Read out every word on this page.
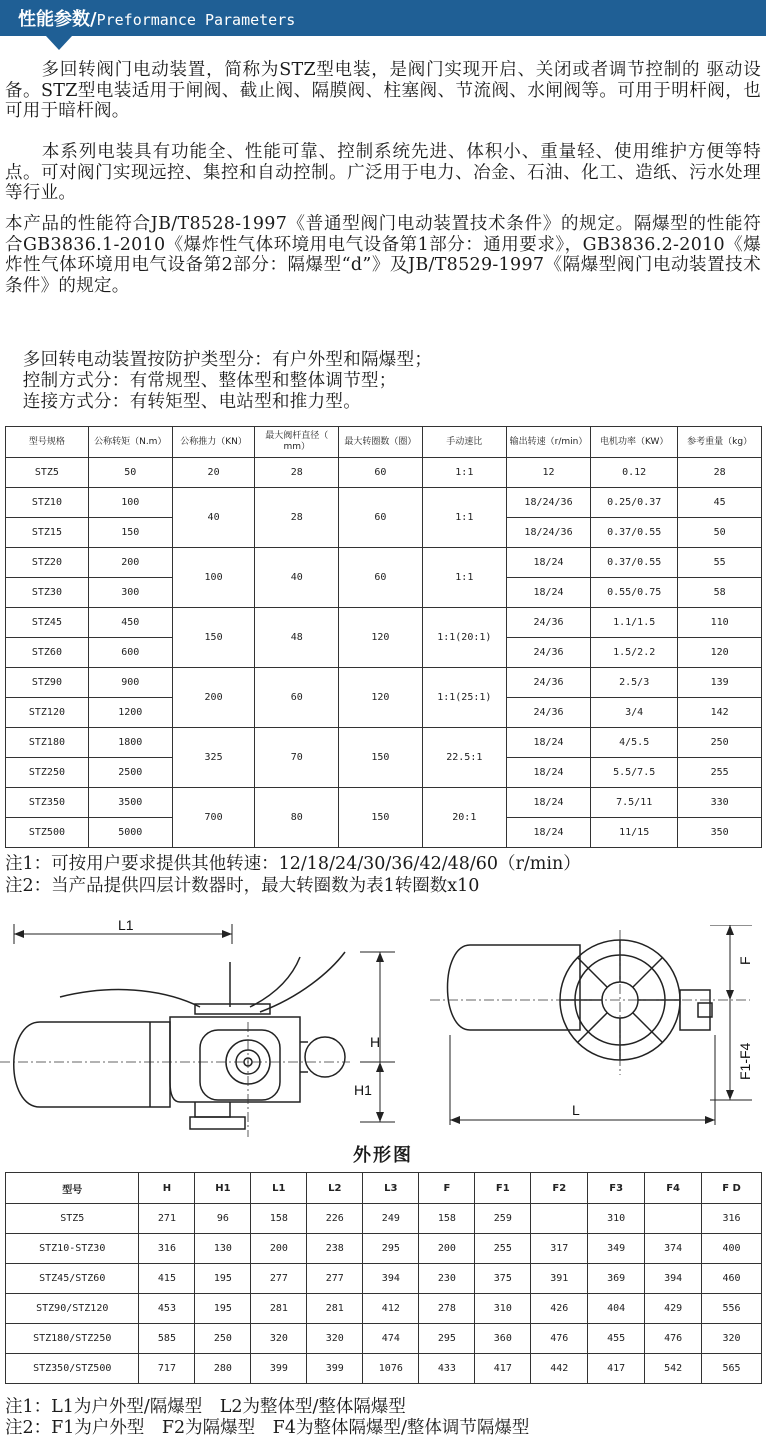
性能参数/Preformance Parameters

　　多回转阀门电动装置，简称为STZ型电装，是阀门实现开启、关闭或者调节控制的 驱动设备。STZ型电装适用于闸阀、截止阀、隔膜阀、柱塞阀、节流阀、水闸阀等。可用于明杆阀，也可用于暗杆阀。

　　本系列电装具有功能全、性能可靠、控制系统先进、体积小、重量轻、使用维护方便等特点。可对阀门实现远控、集控和自动控制。广泛用于电力、冶金、石油、化工、造纸、污水处理等行业。

本产品的性能符合JB/T8528-1997《普通型阀门电动装置技术条件》的规定。隔爆型的性能符合GB3836.1-2010《爆炸性气体环境用电气设备第1部分：通用要求》，GB3836.2-2010《爆炸性气体环境用电气设备第2部分：隔爆型“d”》及JB/T8529-1997《隔爆型阀门电动装置技术条件》的规定。

　多回转电动装置按防护类型分：有户外型和隔爆型；

　控制方式分：有常规型、整体型和整体调节型；

　连接方式分：有转矩型、电站型和推力型。

型号规格	公称转矩（N.m）	公称推力（KN）	最大阀杆直径（ mm）	最大转圈数（圈）	手动速比	输出转速（r/min）	电机功率（KW）	参考重量（kg）
STZ5	50	20	28	60	1:1	12	0.12	28
STZ10	100	40	28	60	1:1	18/24/36	0.25/0.37	45
STZ15	150					18/24/36	0.37/0.55	50
STZ20	200	100	40	60	1:1	18/24	0.37/0.55	55
STZ30	300					18/24	0.55/0.75	58
STZ45	450	150	48	120	1:1(20:1)	24/36	1.1/1.5	110
STZ60	600					24/36	1.5/2.2	120
STZ90	900	200	60	120	1:1(25:1)	24/36	2.5/3	139
STZ120	1200					24/36	3/4	142
STZ180	1800	325	70	150	22.5:1	18/24	4/5.5	250
STZ250	2500					18/24	5.5/7.5	255
STZ350	3500	700	80	150	20:1	18/24	7.5/11	330
STZ500	5000					18/24	11/15	350

注1：可按用户要求提供其他转速：12/18/24/30/36/42/48/60（r/min）

注2：当产品提供四层计数器时，最大转圈数为表1转圈数x10

L1
H
H1
L
F
F1-F4
外形图
型号	H	H1	L1	L2	L3	F	F1	F2	F3	F4	F D
STZ5	271	96	158	226	249	158	259		310		316
STZ10-STZ30	316	130	200	238	295	200	255	317	349	374	400
STZ45/STZ60	415	195	277	277	394	230	375	391	369	394	460
STZ90/STZ120	453	195	281	281	412	278	310	426	404	429	556
STZ180/STZ250	585	250	320	320	474	295	360	476	455	476	320
STZ350/STZ500	717	280	399	399	1076	433	417	442	417	542	565

注1：L1为户外型/隔爆型　L2为整体型/整体隔爆型

注2：F1为户外型　F2为隔爆型　F4为整体隔爆型/整体调节隔爆型
